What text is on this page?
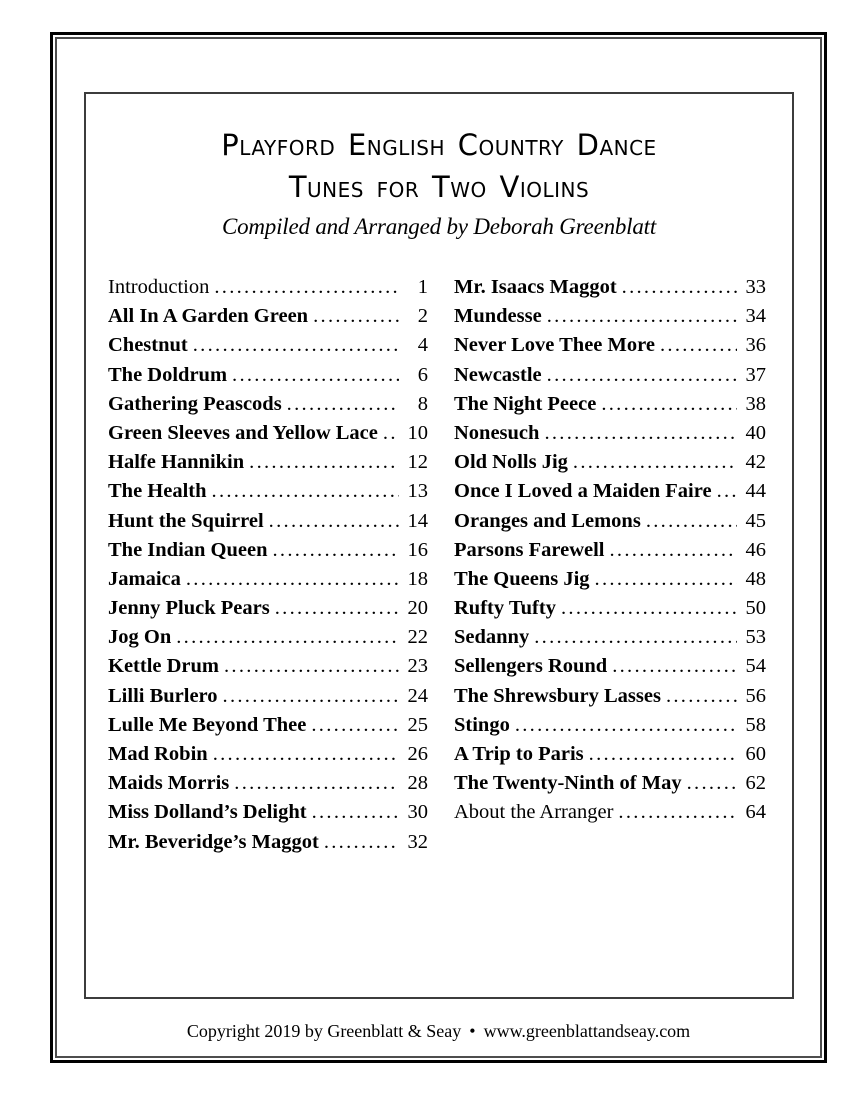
Playford English Country Dance
Tunes for Two Violins
Compiled and Arranged by Deborah Greenblatt
Introduction .....	1
All In A Garden Green .....	2
Chestnut .....	4
The Doldrum .....	6
Gathering Peascods .....	8
Green Sleeves and Yellow Lace ..... 10
Halfe Hannikin .....	12
The Health .....	13
Hunt the Squirrel .....	14
The Indian Queen .....	16
Jamaica .....	18
Jenny Pluck Pears .....	20
Jog On .....	22
Kettle Drum .....	23
Lilli Burlero .....	24
Lulle Me Beyond Thee .....	25
Mad Robin .....	26
Maids Morris .....	28
Miss Dolland’s Delight .....	30
Mr. Beveridge’s Maggot .....	32
Mr. Isaacs Maggot .....	33
Mundesse .....	34
Never Love Thee More .....	36
Newcastle .....	37
The Night Peece .....	38
Nonesuch .....	40
Old Nolls Jig .....	42
Once I Loved a Maiden Faire ..... 44
Oranges and Lemons .....	45
Parsons Farewell .....	46
The Queens Jig .....	48
Rufty Tufty .....	50
Sedanny .....	53
Sellengers Round .....	54
The Shrewsbury Lasses .....	56
Stingo .....	58
A Trip to Paris .....	60
The Twenty-Ninth of May .....	62
About the Arranger .....	64
Copyright 2019 by Greenblatt & Seay • www.greenblattandseay.com
